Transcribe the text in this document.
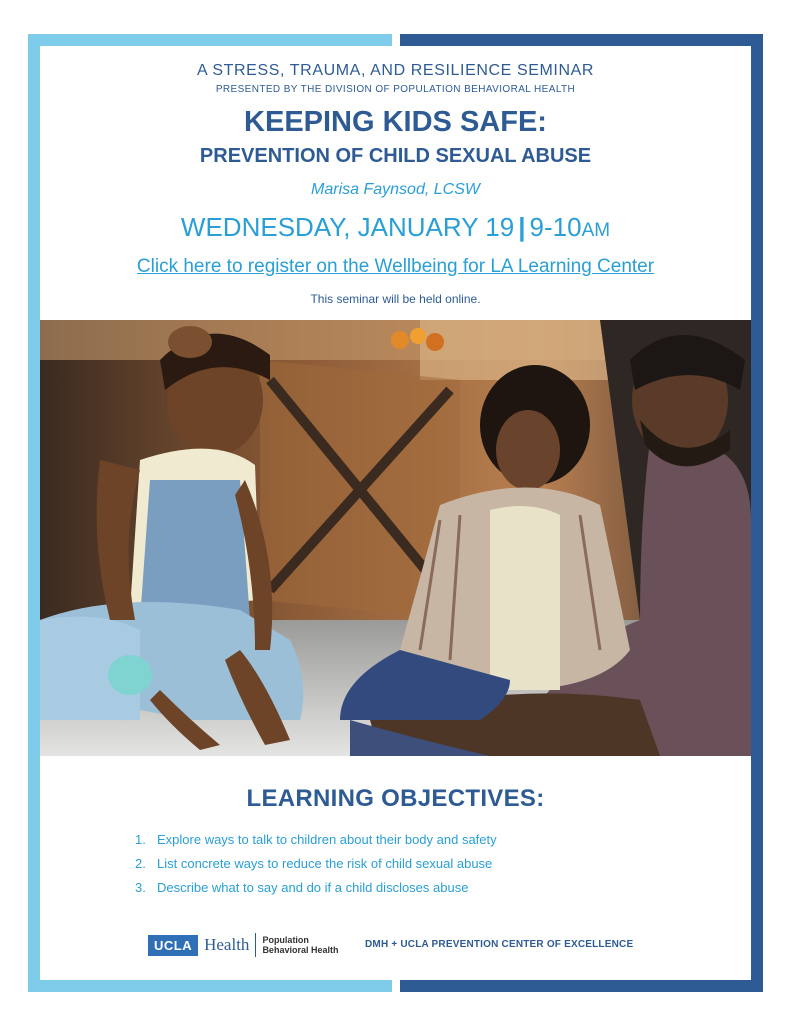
A STRESS, TRAUMA, AND RESILIENCE SEMINAR
PRESENTED BY THE DIVISION OF POPULATION BEHAVIORAL HEALTH
KEEPING KIDS SAFE:
PREVENTION OF CHILD SEXUAL ABUSE
Marisa Faynsod, LCSW
WEDNESDAY, JANUARY 19 | 9-10AM
Click here to register on the Wellbeing for LA Learning Center
This seminar will be held online.
LEARNING OBJECTIVES:
1. Explore ways to talk to children about their body and safety
2. List concrete ways to reduce the risk of child sexual abuse
3. Describe what to say and do if a child discloses abuse
UCLA Health Population
Behavioral Health	DMH + UCLA PREVENTION CENTER OF EXCELLENCE
